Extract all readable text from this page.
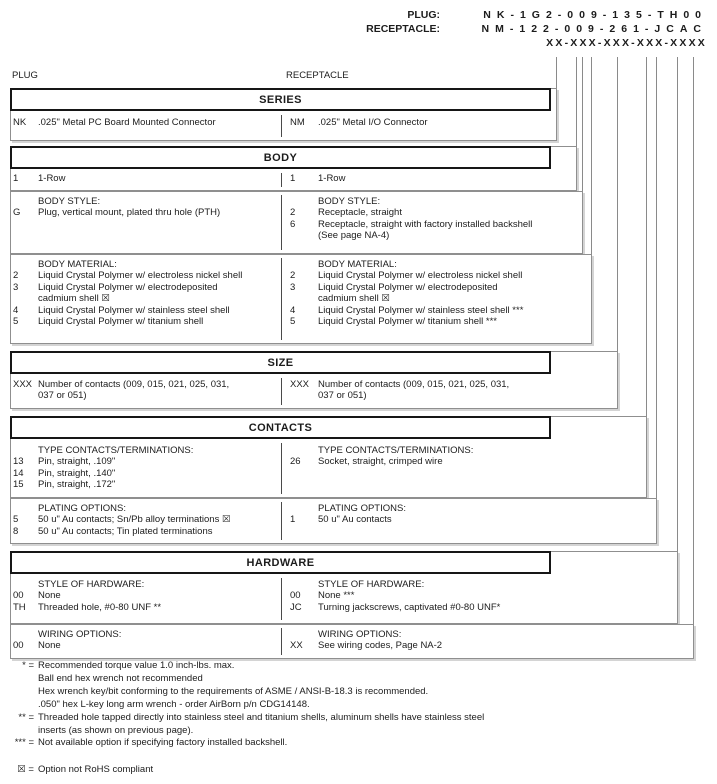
PLUG:	NK-1G2-009-135-TH00
RECEPTACLE:	NM-122-009-261-JCAC
XX-XXX-XXX-XXX-XXXX
PLUG	RECEPTACLE
SERIES
NK	.025" Metal PC Board Mounted Connector	NM	.025" Metal I/O Connector
BODY
1	1-Row	1	1-Row
BODY STYLE:
G	Plug, vertical mount, plated thru hole (PTH)
BODY STYLE:
2	Receptacle, straight
6	Receptacle, straight with factory installed backshell
(See page NA-4)
BODY MATERIAL:
2	Liquid Crystal Polymer w/ electroless nickel shell
3	Liquid Crystal Polymer w/ electrodeposited
cadmium shell ☒
4	Liquid Crystal Polymer w/ stainless steel shell
5	Liquid Crystal Polymer w/ titanium shell
BODY MATERIAL:
2	Liquid Crystal Polymer w/ electroless nickel shell
3	Liquid Crystal Polymer w/ electrodeposited
cadmium shell ☒
4	Liquid Crystal Polymer w/ stainless steel shell ***
5	Liquid Crystal Polymer w/ titanium shell ***
SIZE
XXX Number of contacts (009, 015, 021, 025, 031,
037 or 051)
XXX Number of contacts (009, 015, 021, 025, 031,
037 or 051)
CONTACTS
TYPE CONTACTS/TERMINATIONS:
13	Pin, straight, .109"
14	Pin, straight, .140"
15	Pin, straight, .172"
TYPE CONTACTS/TERMINATIONS:
26	Socket, straight, crimped wire
PLATING OPTIONS:
5	50 u" Au contacts; Sn/Pb alloy terminations ☒
8	50 u" Au contacts; Tin plated terminations
PLATING OPTIONS:
1	50 u" Au contacts
HARDWARE
STYLE OF HARDWARE:
00	None
TH	Threaded hole, #0-80 UNF **
STYLE OF HARDWARE:
00	None ***
JC	Turning jackscrews, captivated #0-80 UNF*
WIRING OPTIONS:
00	None
WIRING OPTIONS:
XX	See wiring codes, Page NA-2
* = Recommended torque value 1.0 inch-lbs. max.
Ball end hex wrench not recommended
Hex wrench key/bit conforming to the requirements of ASME / ANSI-B-18.3 is recommended.
.050" hex L-key long arm wrench - order AirBorn p/n CDG14148.
** = Threaded hole tapped directly into stainless steel and titanium shells, aluminum shells have stainless steel
inserts (as shown on previous page).
*** = Not available option if specifying factory installed backshell.
☒ = Option not RoHS compliant
